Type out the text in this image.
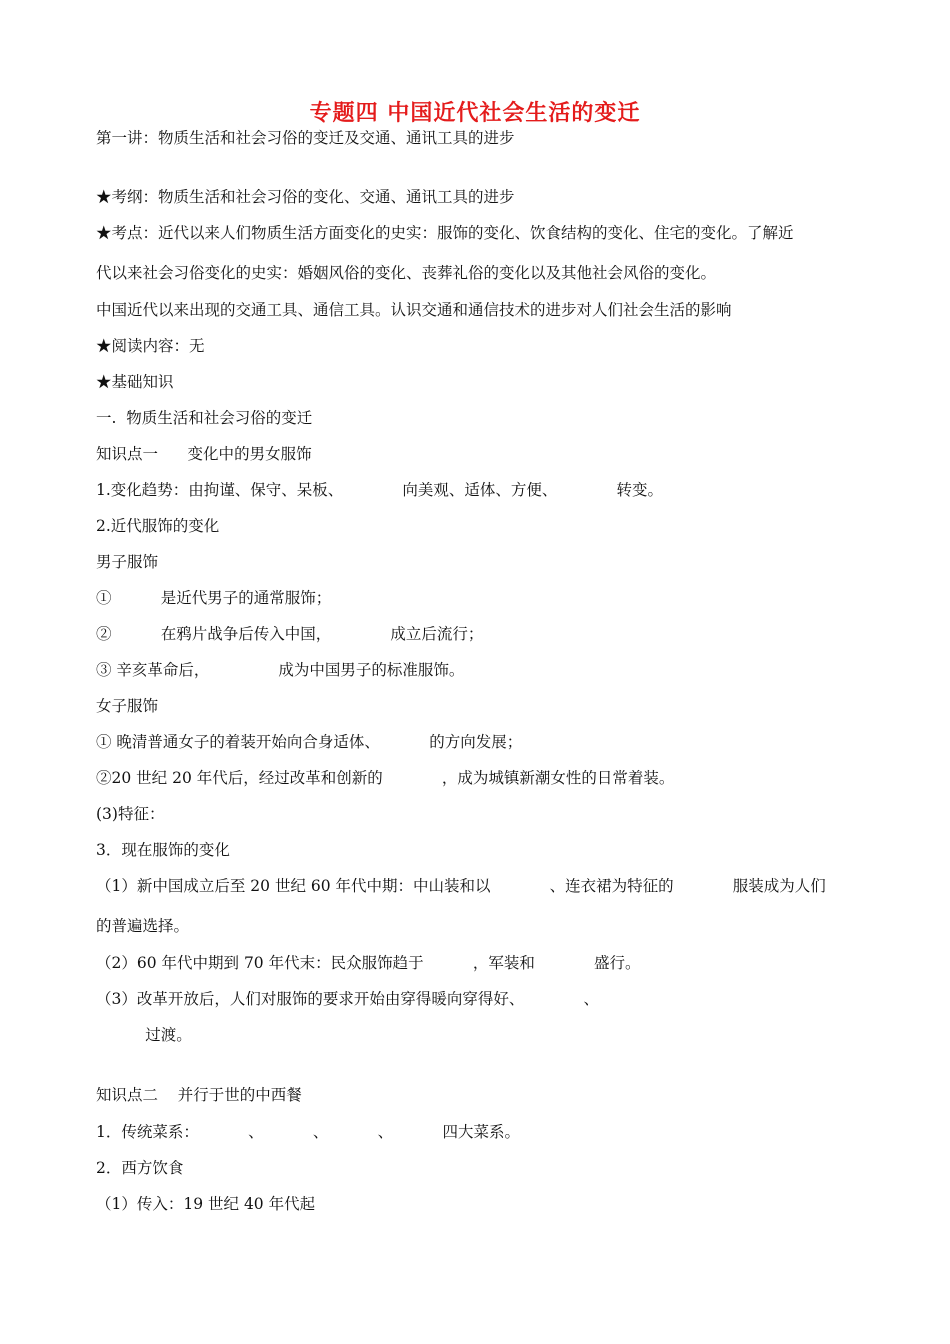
专题四 中国近代社会生活的变迁
第一讲：物质生活和社会习俗的变迁及交通、通讯工具的进步
★考纲：物质生活和社会习俗的变化、交通、通讯工具的进步
★考点：近代以来人们物质生活方面变化的史实：服饰的变化、饮食结构的变化、住宅的变化。了解近
代以来社会习俗变化的史实：婚姻风俗的变化、丧葬礼俗的变化以及其他社会风俗的变化。
中国近代以来出现的交通工具、通信工具。认识交通和通信技术的进步对人们社会生活的影响
★阅读内容：无
★基础知识
一.  物质生活和社会习俗的变迁
知识点一      变化中的男女服饰
1.变化趋势：由拘谨、保守、呆板、            向美观、适体、方便、            转变。
2.近代服饰的变化
男子服饰
①          是近代男子的通常服饰；
②          在鸦片战争后传入中国，            成立后流行；
③ 辛亥革命后，              成为中国男子的标准服饰。
女子服饰
① 晚清普通女子的着装开始向合身适体、          的方向发展；
②20 世纪 20 年代后，经过改革和创新的            ，成为城镇新潮女性的日常着装。
(3)特征：
3．现在服饰的变化
（1）新中国成立后至 20 世纪 60 年代中期：中山装和以            、连衣裙为特征的            服装成为人们
的普遍选择。
（2）60 年代中期到 70 年代末：民众服饰趋于          ，军装和            盛行。
（3）改革开放后，人们对服饰的要求开始由穿得暖向穿得好、            、
过渡。
知识点二    并行于世的中西餐
1．传统菜系：          、          、          、          四大菜系。
2．西方饮食
（1）传入：19 世纪 40 年代起
